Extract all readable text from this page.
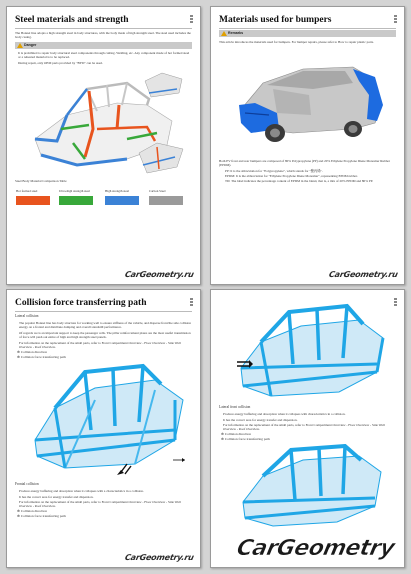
Steel materials and strength
The Bonnet line adopts a high strength steel in body structures, with the body made of high strength steel. The steel used includes the body casing.
Danger
It is prohibited to repair body structural steel components through cutting. Welding, etc. Any component made of hot formed steel or a reheated material is to be replaced.
During repair, only OEM parts provided by "BYD" can be used.
Steel Body Material Comparison Table
Hot formed steel	Ultra-high strength steel	High strength steel	Carbon Steel
CarGeometry.ru
Materials used for bumpers
Remarks
This article introduces the materials used for bumpers. For bumper repairs, please refer to How to repair plastic parts.
Both EV front and rear bumpers are composed of 80% Polypropylene (PP) and 20% Ethylene Propylene Diene Monomer Rubber (EPDM).
PP: It is the abbreviation for "Polypropylene", which stands for "聚丙烯".
EPDM: It is the abbreviation for "Ethylene Propylene Diene Monomer", representing EPDM rubber.
TD: The label indicates the percentage content of EPDM in the blend, that is, a mix of 20% EPDM and 80% PP.
CarGeometry.ru
Collision force transferring path
Lateral collision
The popular Bonnet line has body structure for working well to ensure stiffness of the vehicle, and disperse front/the side collision energy on a frontal and distribute damping and overall standstill performance.
Of regards we is an important support to keep the passenger cells. The pillar reinforcement plates are the most useful transmission of force will push out entire of high and high strength steel panels.
For information on the replacement of the small parts, refer to Front Compartment Overview - Floor Overview - Side Wall Overview - Roof Overview.
⊕ Collision direction
⊕ Collision force transferring path
Frontal collision
Produce energy buffering and absorption when it collapses with a characteristics in a collision.
It has the correct area for energy transfer and dispersion.
For information on the replacement of the small parts, refer to Front Compartment Overview - Floor Overview - Side Wall Overview - Roof Overview.
⊕ Collision direction
⊕ Collision force transferring path
CarGeometry.ru
Lateral front collision
Produce energy buffering and absorption when it collapses with characteristics in a collision.
It has the correct area for energy transfer and dispersion.
For information on the replacement of the small parts, refer to Front Compartment Overview - Floor Overview - Side Wall Overview - Roof Overview.
⊕ Collision direction
⊕ Collision force transferring path
CarGeometry
